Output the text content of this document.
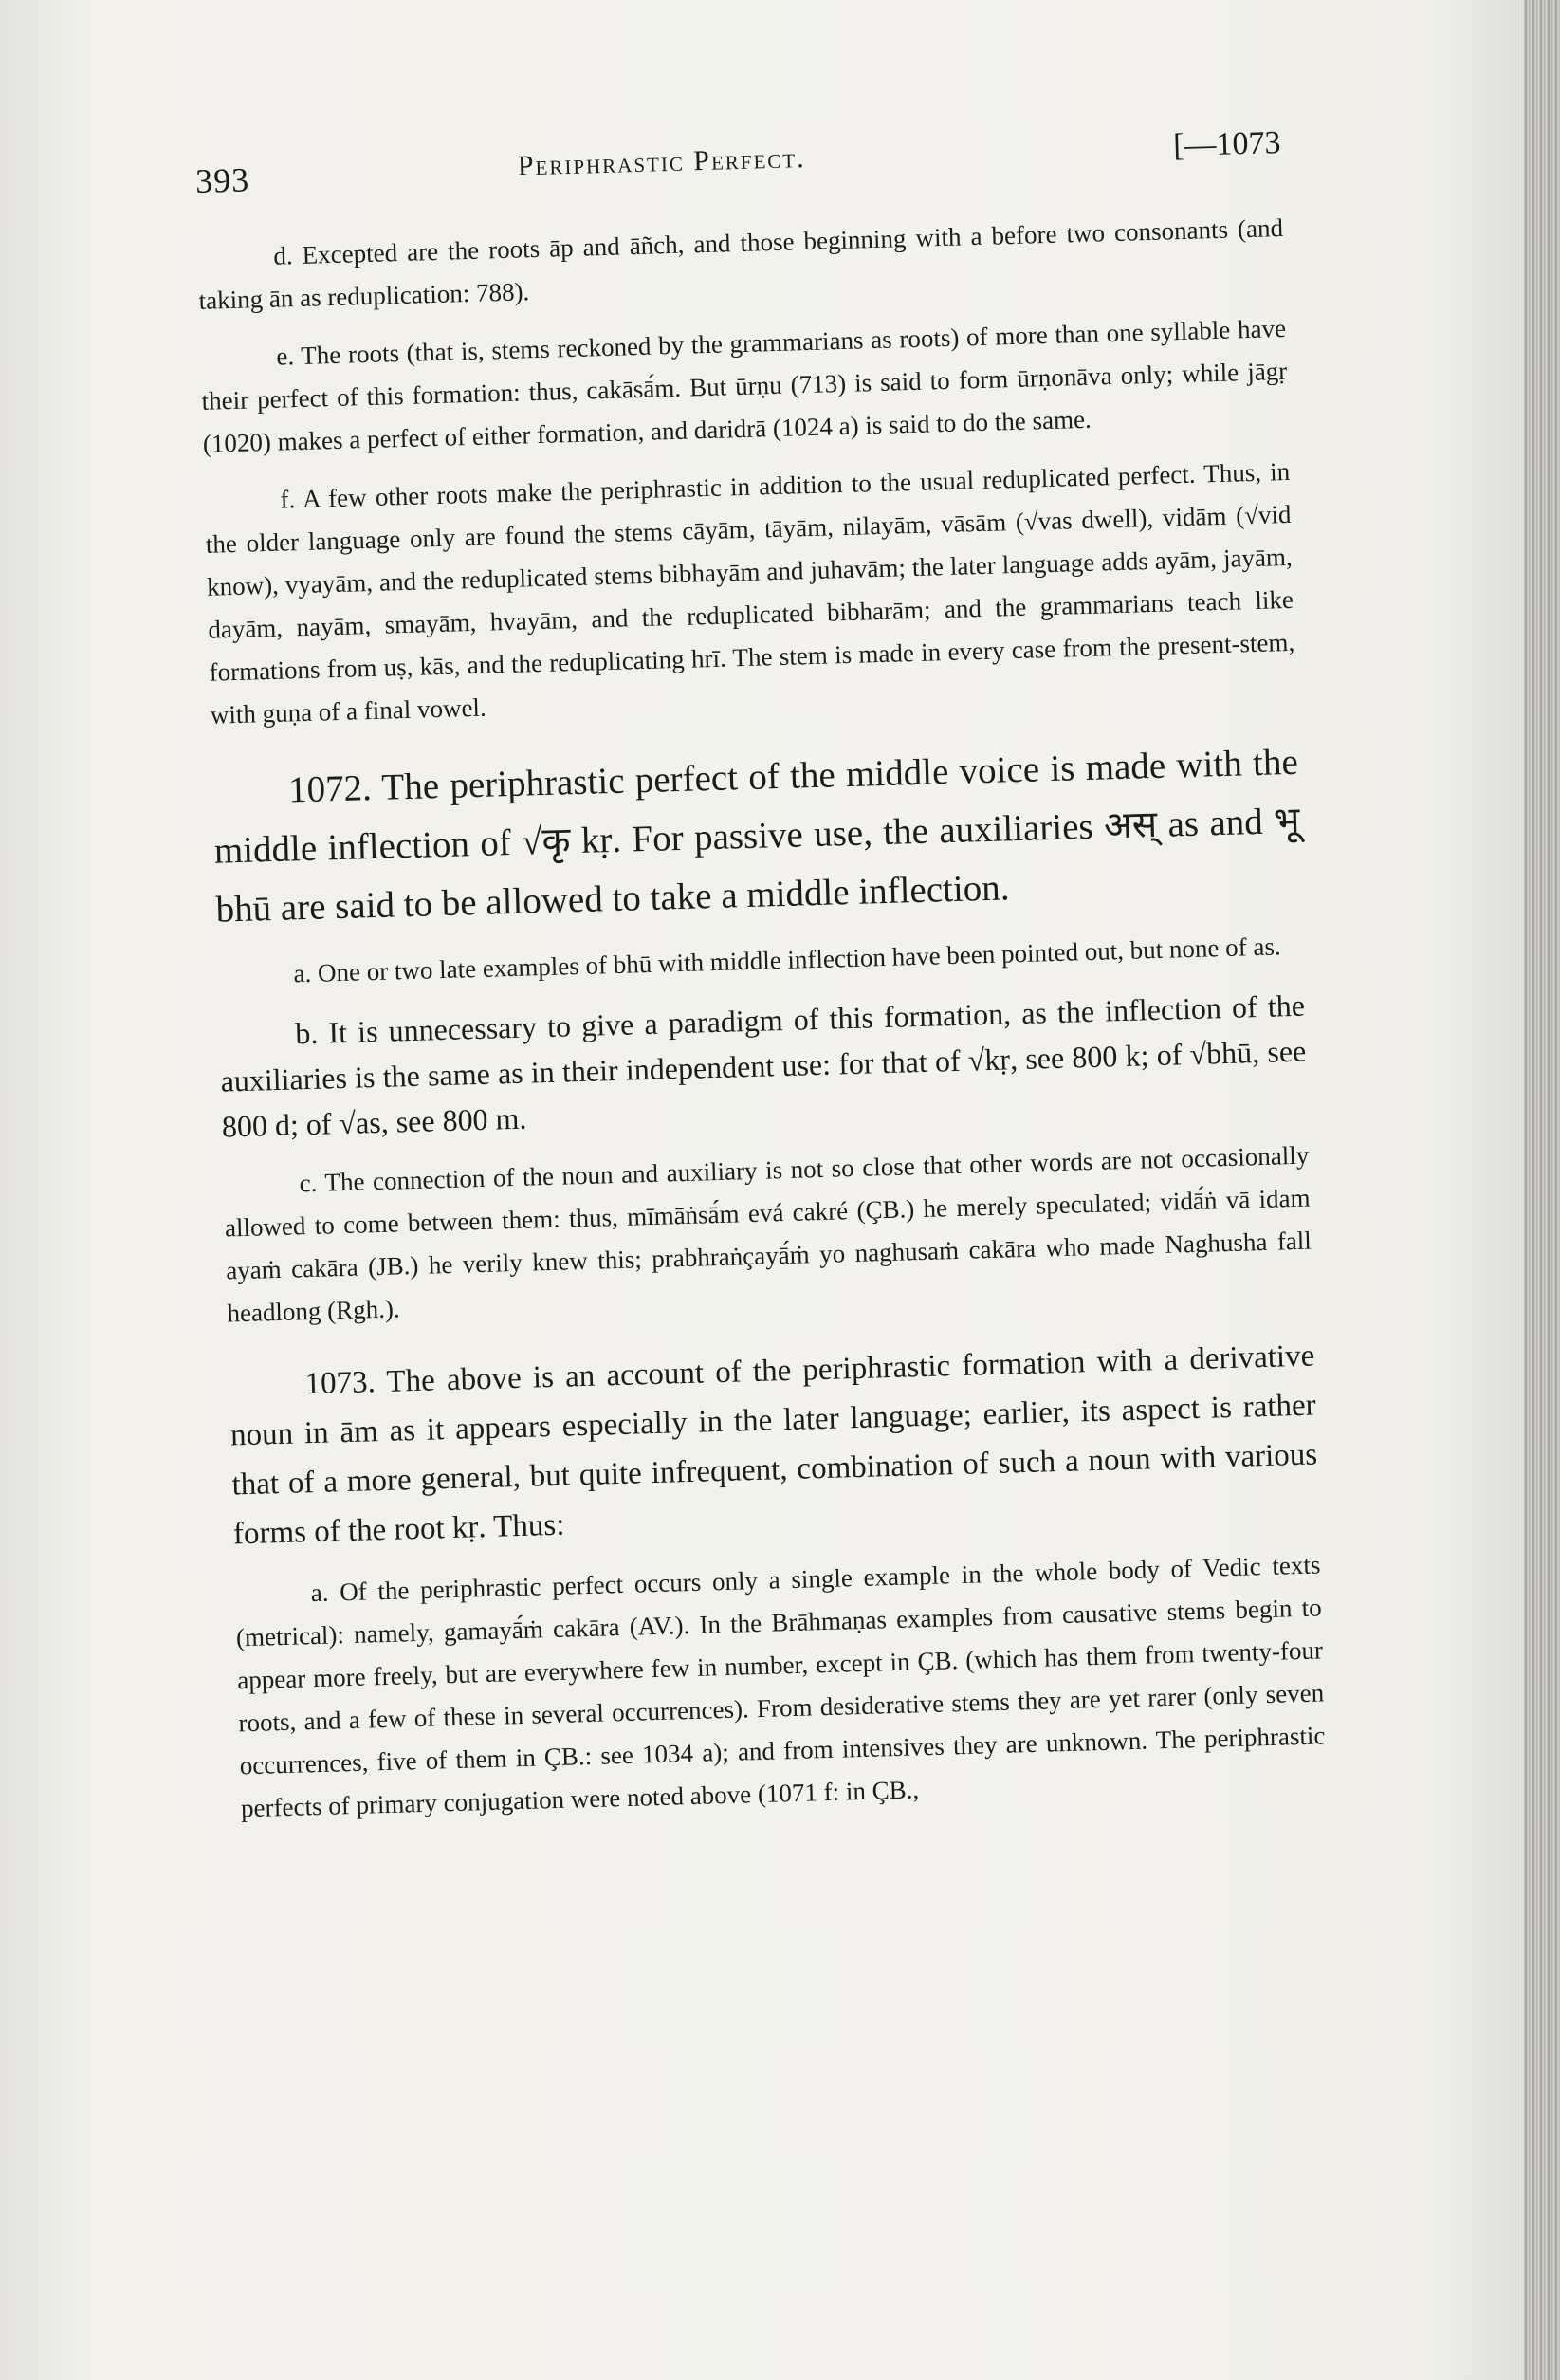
393	Periphrastic Perfect.	[—1073

d. Excepted are the roots āp and āñch, and those beginning with a before two consonants (and taking ān as reduplication: 788).

e. The roots (that is, stems reckoned by the grammarians as roots) of more than one syllable have their perfect of this formation: thus, cakāsā́m. But ūrṇu (713) is said to form ūrṇonāva only; while jāgṛ (1020) makes a perfect of either formation, and daridrā (1024 a) is said to do the same.

f. A few other roots make the periphrastic in addition to the usual reduplicated perfect. Thus, in the older language only are found the stems cāyām, tāyām, nilayām, vāsām (√vas dwell), vidām (√vid know), vyayām, and the reduplicated stems bibhayām and juhavām; the later language adds ayām, jayām, dayām, nayām, smayām, hvayām, and the reduplicated bibharām; and the grammarians teach like formations from uṣ, kās, and the reduplicating hrī. The stem is made in every case from the present-stem, with guṇa of a final vowel.

1072. The periphrastic perfect of the middle voice is made with the middle inflection of √कृ kṛ. For passive use, the auxiliaries अस् as and भू bhū are said to be allowed to take a middle inflection.

a. One or two late examples of bhū with middle inflection have been pointed out, but none of as.

b. It is unnecessary to give a paradigm of this formation, as the inflection of the auxiliaries is the same as in their independent use: for that of √kṛ, see 800 k; of √bhū, see 800 d; of √as, see 800 m.

c. The connection of the noun and auxiliary is not so close that other words are not occasionally allowed to come between them: thus, mīmāṅsā́m evá cakré (ÇB.) he merely speculated; vidā́ṅ vā idam ayaṁ cakāra (JB.) he verily knew this; prabhraṅçayā́ṁ yo naghusaṁ cakāra who made Naghusha fall headlong (Rgh.).

1073. The above is an account of the periphrastic formation with a derivative noun in ām as it appears especially in the later language; earlier, its aspect is rather that of a more general, but quite infrequent, combination of such a noun with various forms of the root kṛ. Thus:

a. Of the periphrastic perfect occurs only a single example in the whole body of Vedic texts (metrical): namely, gamayā́ṁ cakāra (AV.). In the Brāhmaṇas examples from causative stems begin to appear more freely, but are everywhere few in number, except in ÇB. (which has them from twenty-four roots, and a few of these in several occurrences). From desiderative stems they are yet rarer (only seven occurrences, five of them in ÇB.: see 1034 a); and from intensives they are unknown. The periphrastic perfects of primary conjugation were noted above (1071 f: in ÇB.,
